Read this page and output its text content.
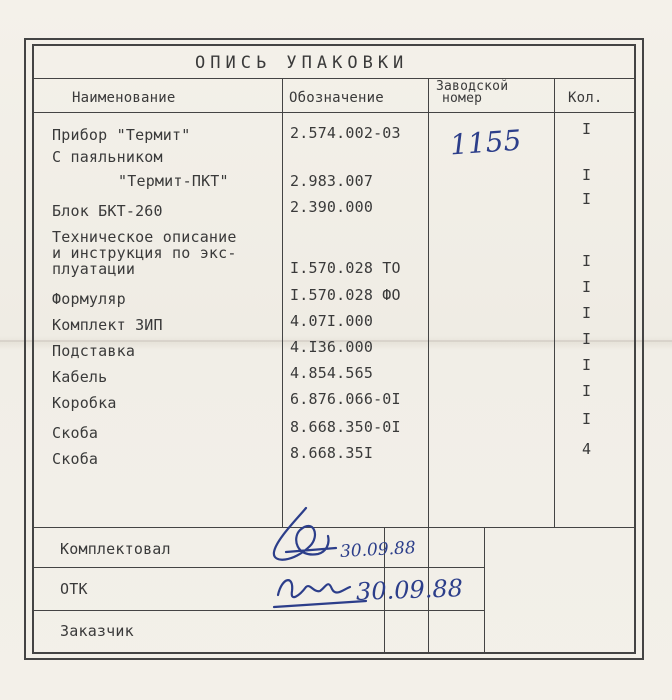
ОПИСЬ УПАКОВКИ
Наименование	Обозначение
Заводской
номер	Кол.
Прибор "Термит"
С паяльником
2.574.002-03	I
"Термит-ПКТ"	2.983.007	I
Блок БКТ-260	2.390.000	I
Техническое описание
и инструкция по экс-
плуатации	I.570.028 ТО	I
Формуляр	I.570.028 ФО	I
Комплект ЗИП	4.07I.000	I
Подставка	4.I36.000	I
Кабель	4.854.565	I
Коробка	6.876.066-0I	I
Скоба	8.668.350-0I	I
Скоба	8.668.35I	4
1155
Комплектовал
ОТК
Заказчик
30.09.88
30.09.88
